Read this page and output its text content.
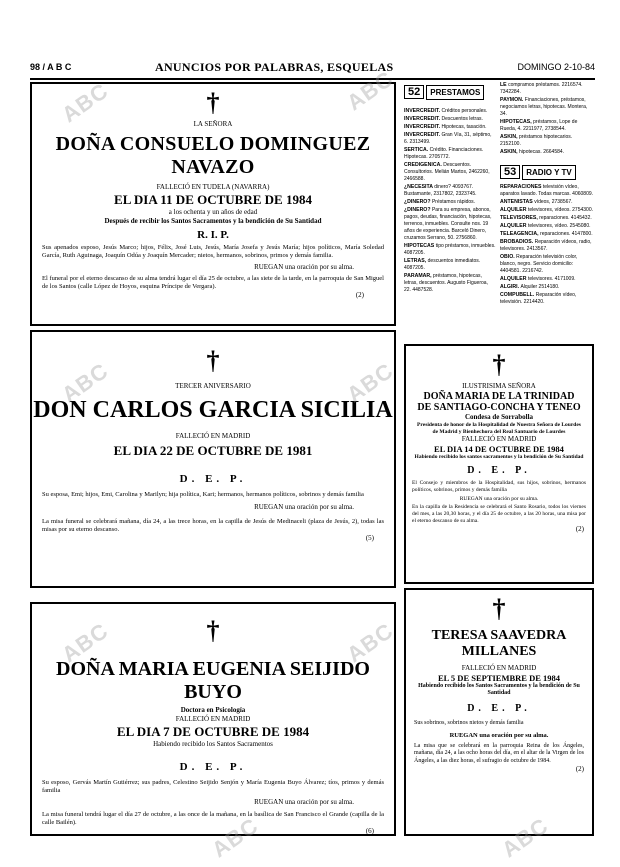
98 / A B C	ANUNCIOS POR PALABRAS, ESQUELAS	DOMINGO 2-10-84
†
LA SEÑORA
DOÑA CONSUELO DOMINGUEZ NAVAZO
FALLECIÓ EN TUDELA (NAVARRA)
EL DIA 11 DE OCTUBRE DE 1984
a los ochenta y un años de edad
Después de recibir los Santos Sacramentos y la bendición de Su Santidad
R. I. P.
Sus apenados esposo, Jesús Marco; hijos, Félix, José Luis, Jesús, María Josefa y Jesús María; hijos políticos, María Soledad García, Ruth Aguinaga, Joaquín Odúa y Joaquín Mercader; nietos, hermanos, sobrinos, primos y demás familia.
RUEGAN una oración por su alma.
El funeral por el eterno descanso de su alma tendrá lugar el día 25 de octubre, a las siete de la tarde, en la parroquia de San Miguel de los Santos (calle López de Hoyos, esquina Príncipe de Vergara).
(2)
52 PRESTAMOS
INVERCREDIT. Créditos personales.
INVERCREDIT. Descuentos letras.
INVERCREDIT. Hipotecas, tasación.
INVERCREDIT. Gran Vía, 31, séptimo, 6. 2313499.
SERTICA. Crédito. Financiaciones. Hipotecas. 2705772.
CREDIGENICA. Descuentos. Consultorios. Melián Martos, 2462260, 2466588.
¿NECESITA dinero? 4093767. Bustamante, 2317802, 2323745.
¿DINERO? Préstamos rápidos.
¿DINERO? Para su empresa, abonos, pagos, deudas, financiación, hipotecas, terrenos, inmuebles. Consulte nos. 19 años de experiencia. Barceló Dinero, cruzamos Serrano, 50. 2756860.
HIPOTECAS tipo préstamos, inmuebles. 4087205.
LETRAS, descuentos inmediatos. 4087205.
PARAMAR, préstamos, hipotecas, letras, descuentos. Augusto Figueroa, 22. 4487528.
LE compramos préstamos. 2216574. 7342284.
PAYMON. Financiaciones, préstamos, negociamos letras, hipotecas. Montera, 34.
HIPOTECAS, préstamos, Lope de Rueda, 4. 2211977, 2738544.
ASKIN, préstamos hipotecarios. 2152100.
ASKIN, hipotecas. 2664584.
53 RADIO Y TV
REPARACIONES televisión vídeo, aparatos lavado. Todas marcas. 4060809.
ANTENISTAS vídeos, 2738567.
ALQUILER televisores, vídeos. 2754300.
TELEVISORES, reparaciones. 4145432.
ALQUILER televisores, vídeo. 2545080.
TELEAGENCIA, reparaciones. 4147800.
BROBADIOS. Reparación vídeos, radio, televisores. 2413567.
OBIO. Reparación televisión color, blanco, negro. Servicio domicilio: 4404581. 2216742.
ALQUILER televisores. 4171009.
ALGIRI. Alquiler 2514180.
COMPUBELL. Reparación vídeo, televisión. 2214420.
†
TERCER ANIVERSARIO
DON CARLOS GARCIA SICILIA
FALLECIÓ EN MADRID
EL DIA 22 DE OCTUBRE DE 1981
D. E. P.
Su esposa, Emi; hijos, Emi, Carolina y Marilyn; hija política, Kari; hermanos, hermanos políticos, sobrinos y demás familia
RUEGAN una oración por su alma.
La misa funeral se celebrará mañana, día 24, a las trece horas, en la capilla de Jesús de Medinaceli (plaza de Jesús, 2), todas las misas por su eterno descanso.
(5)
†
DOÑA MARIA EUGENIA SEIJIDO BUYO
Doctora en Psicología
FALLECIÓ EN MADRID
EL DIA 7 DE OCTUBRE DE 1984
Habiendo recibido los Santos Sacramentos
D. E. P.
Su esposo, Gervás Martín Gutiérrez; sus padres, Celestino Seijido Senjón y María Eugenia Buyo Álvarez; tíos, primos y demás familia
RUEGAN una oración por su alma.
La misa funeral tendrá lugar el día 27 de octubre, a las once de la mañana, en la basílica de San Francisco el Grande (capilla de la calle Bailén).
(6)
†
ILUSTRISIMA SEÑORA
DOÑA MARIA DE LA TRINIDAD
DE SANTIAGO-CONCHA Y TENEO
Condesa de Sorrabolla
Presidenta de honor de la Hospitalidad de Nuestra Señora de Lourdes de Madrid y Bienhechora del Real Santuario de Lourdes
FALLECIÓ EN MADRID
EL DIA 14 DE OCTUBRE DE 1984
Habiendo recibido los santos sacramentos y la bendición de Su Santidad
D. E. P.
El Consejo y miembros de la Hospitalidad, sus hijos, sobrinos, hermanos políticos, sobrinos, primos y demás familia
RUEGAN una oración por su alma.
En la capilla de la Residencia se celebrará el Santo Rosario, todos los viernes del mes, a las 20,30 horas, y el día 25 de octubre, a las 20 horas, una misa por el eterno descanso de su alma.
(2)
†
TERESA SAAVEDRA
MILLANES
FALLECIÓ EN MADRID
EL 5 DE SEPTIEMBRE DE 1984
Habiendo recibido los Santos Sacramentos y la bendición de Su Santidad
D. E. P.
Sus sobrinos, sobrinos nietos y demás familia
RUEGAN una oración por su alma.
La misa que se celebrará en la parroquia Reina de los Ángeles, mañana, día 24, a las ocho horas del día, en el altar de la Virgen de los Ángeles, a las diez horas, el sufragio de octubre de 1984.
(2)
ABC	ABC
ABC	ABC
ABC	ABC
ABC	ABC
